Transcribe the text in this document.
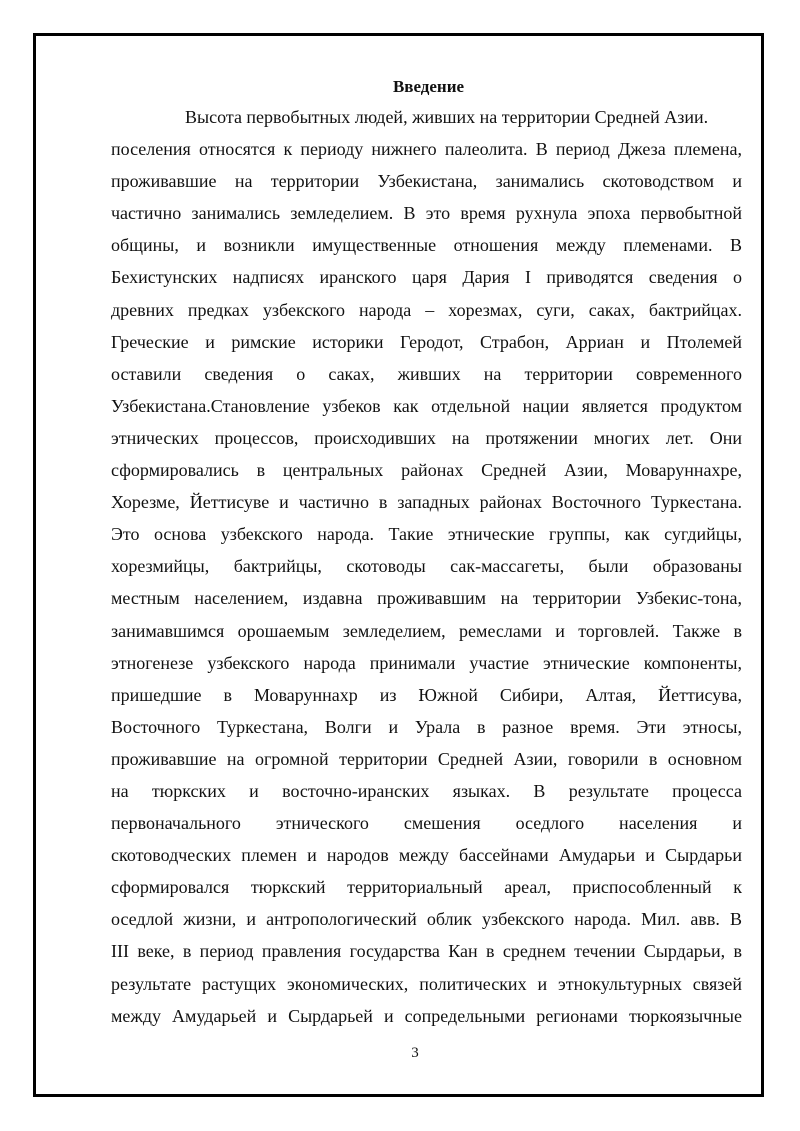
Введение

Высота первобытных людей, живших на территории Средней Азии.
поселения относятся к периоду нижнего палеолита. В период Джеза племена,
проживавшие на территории Узбекистана, занимались скотоводством и
частично занимались земледелием. В это время рухнула эпоха первобытной
общины, и возникли имущественные отношения между племенами. В
Бехистунских надписях иранского царя Дария I приводятся сведения о
древних предках узбекского народа – хорезмах, суги, саках, бактрийцах.
Греческие и римские историки Геродот, Страбон, Арриан и Птолемей
оставили сведения о саках, живших на территории современного
Узбекистана.Становление узбеков как отдельной нации является продуктом
этнических процессов, происходивших на протяжении многих лет. Они
сформировались в центральных районах Средней Азии, Моваруннахре,
Хорезме, Йеттисуве и частично в западных районах Восточного Туркестана.
Это основа узбекского народа. Такие этнические группы, как сугдийцы,
хорезмийцы, бактрийцы, скотоводы сак-массагеты, были образованы
местным населением, издавна проживавшим на территории Узбекис-тона,
занимавшимся орошаемым земледелием, ремеслами и торговлей. Также в
этногенезе узбекского народа принимали участие этнические компоненты,
пришедшие в Моваруннахр из Южной Сибири, Алтая, Йеттисува,
Восточного Туркестана, Волги и Урала в разное время. Эти этносы,
проживавшие на огромной территории Средней Азии, говорили в основном
на тюркских и восточно-иранских языках. В результате процесса
первоначального этнического смешения оседлого населения и
скотоводческих племен и народов между бассейнами Амударьи и Сырдарьи
сформировался тюркский территориальный ареал, приспособленный к
оседлой жизни, и антропологический облик узбекского народа. Мил. авв. В
III веке, в период правления государства Кан в среднем течении Сырдарьи, в
результате растущих экономических, политических и этнокультурных связей
между Амударьей и Сырдарьей и сопредельными регионами тюркоязычные

3
